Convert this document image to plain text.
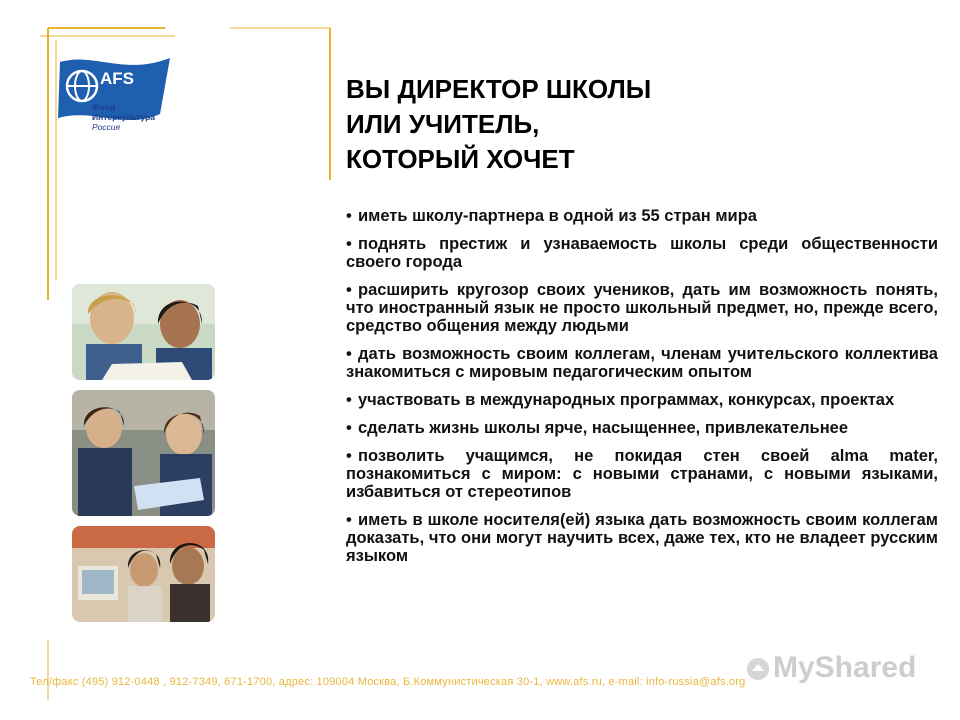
AFS
Фонд
Интеркультура
Россия
ВЫ ДИРЕКТОР ШКОЛЫ
ИЛИ УЧИТЕЛЬ,
КОТОРЫЙ ХОЧЕТ
• иметь школу-партнера в одной из 55 стран мира
• поднять престиж и узнаваемость школы среди общественности своего города
• расширить кругозор своих учеников, дать им возможность понять, что иностранный язык не просто школьный предмет, но, прежде всего, средство общения между людьми
• дать возможность своим коллегам, членам учительского коллектива знакомиться с мировым педагогическим опытом
• участвовать в международных программах, конкурсах, проектах
• сделать жизнь школы ярче, насыщеннее, привлекательнее
• позволить учащимся, не покидая стен своей alma mater, познакомиться с миром: с новыми странами, с новыми языками, избавиться от стереотипов
• иметь в школе носителя(ей) языка дать возможность своим коллегам доказать, что они могут научить всех, даже тех, кто не владеет русским языком
Тел/факс (495) 912-0448 , 912-7349, 671-1700, адрес: 109004 Москва, Б.Коммунистическая 30-1, www.afs.ru, e-mail: info-russia@afs.org MyShared
